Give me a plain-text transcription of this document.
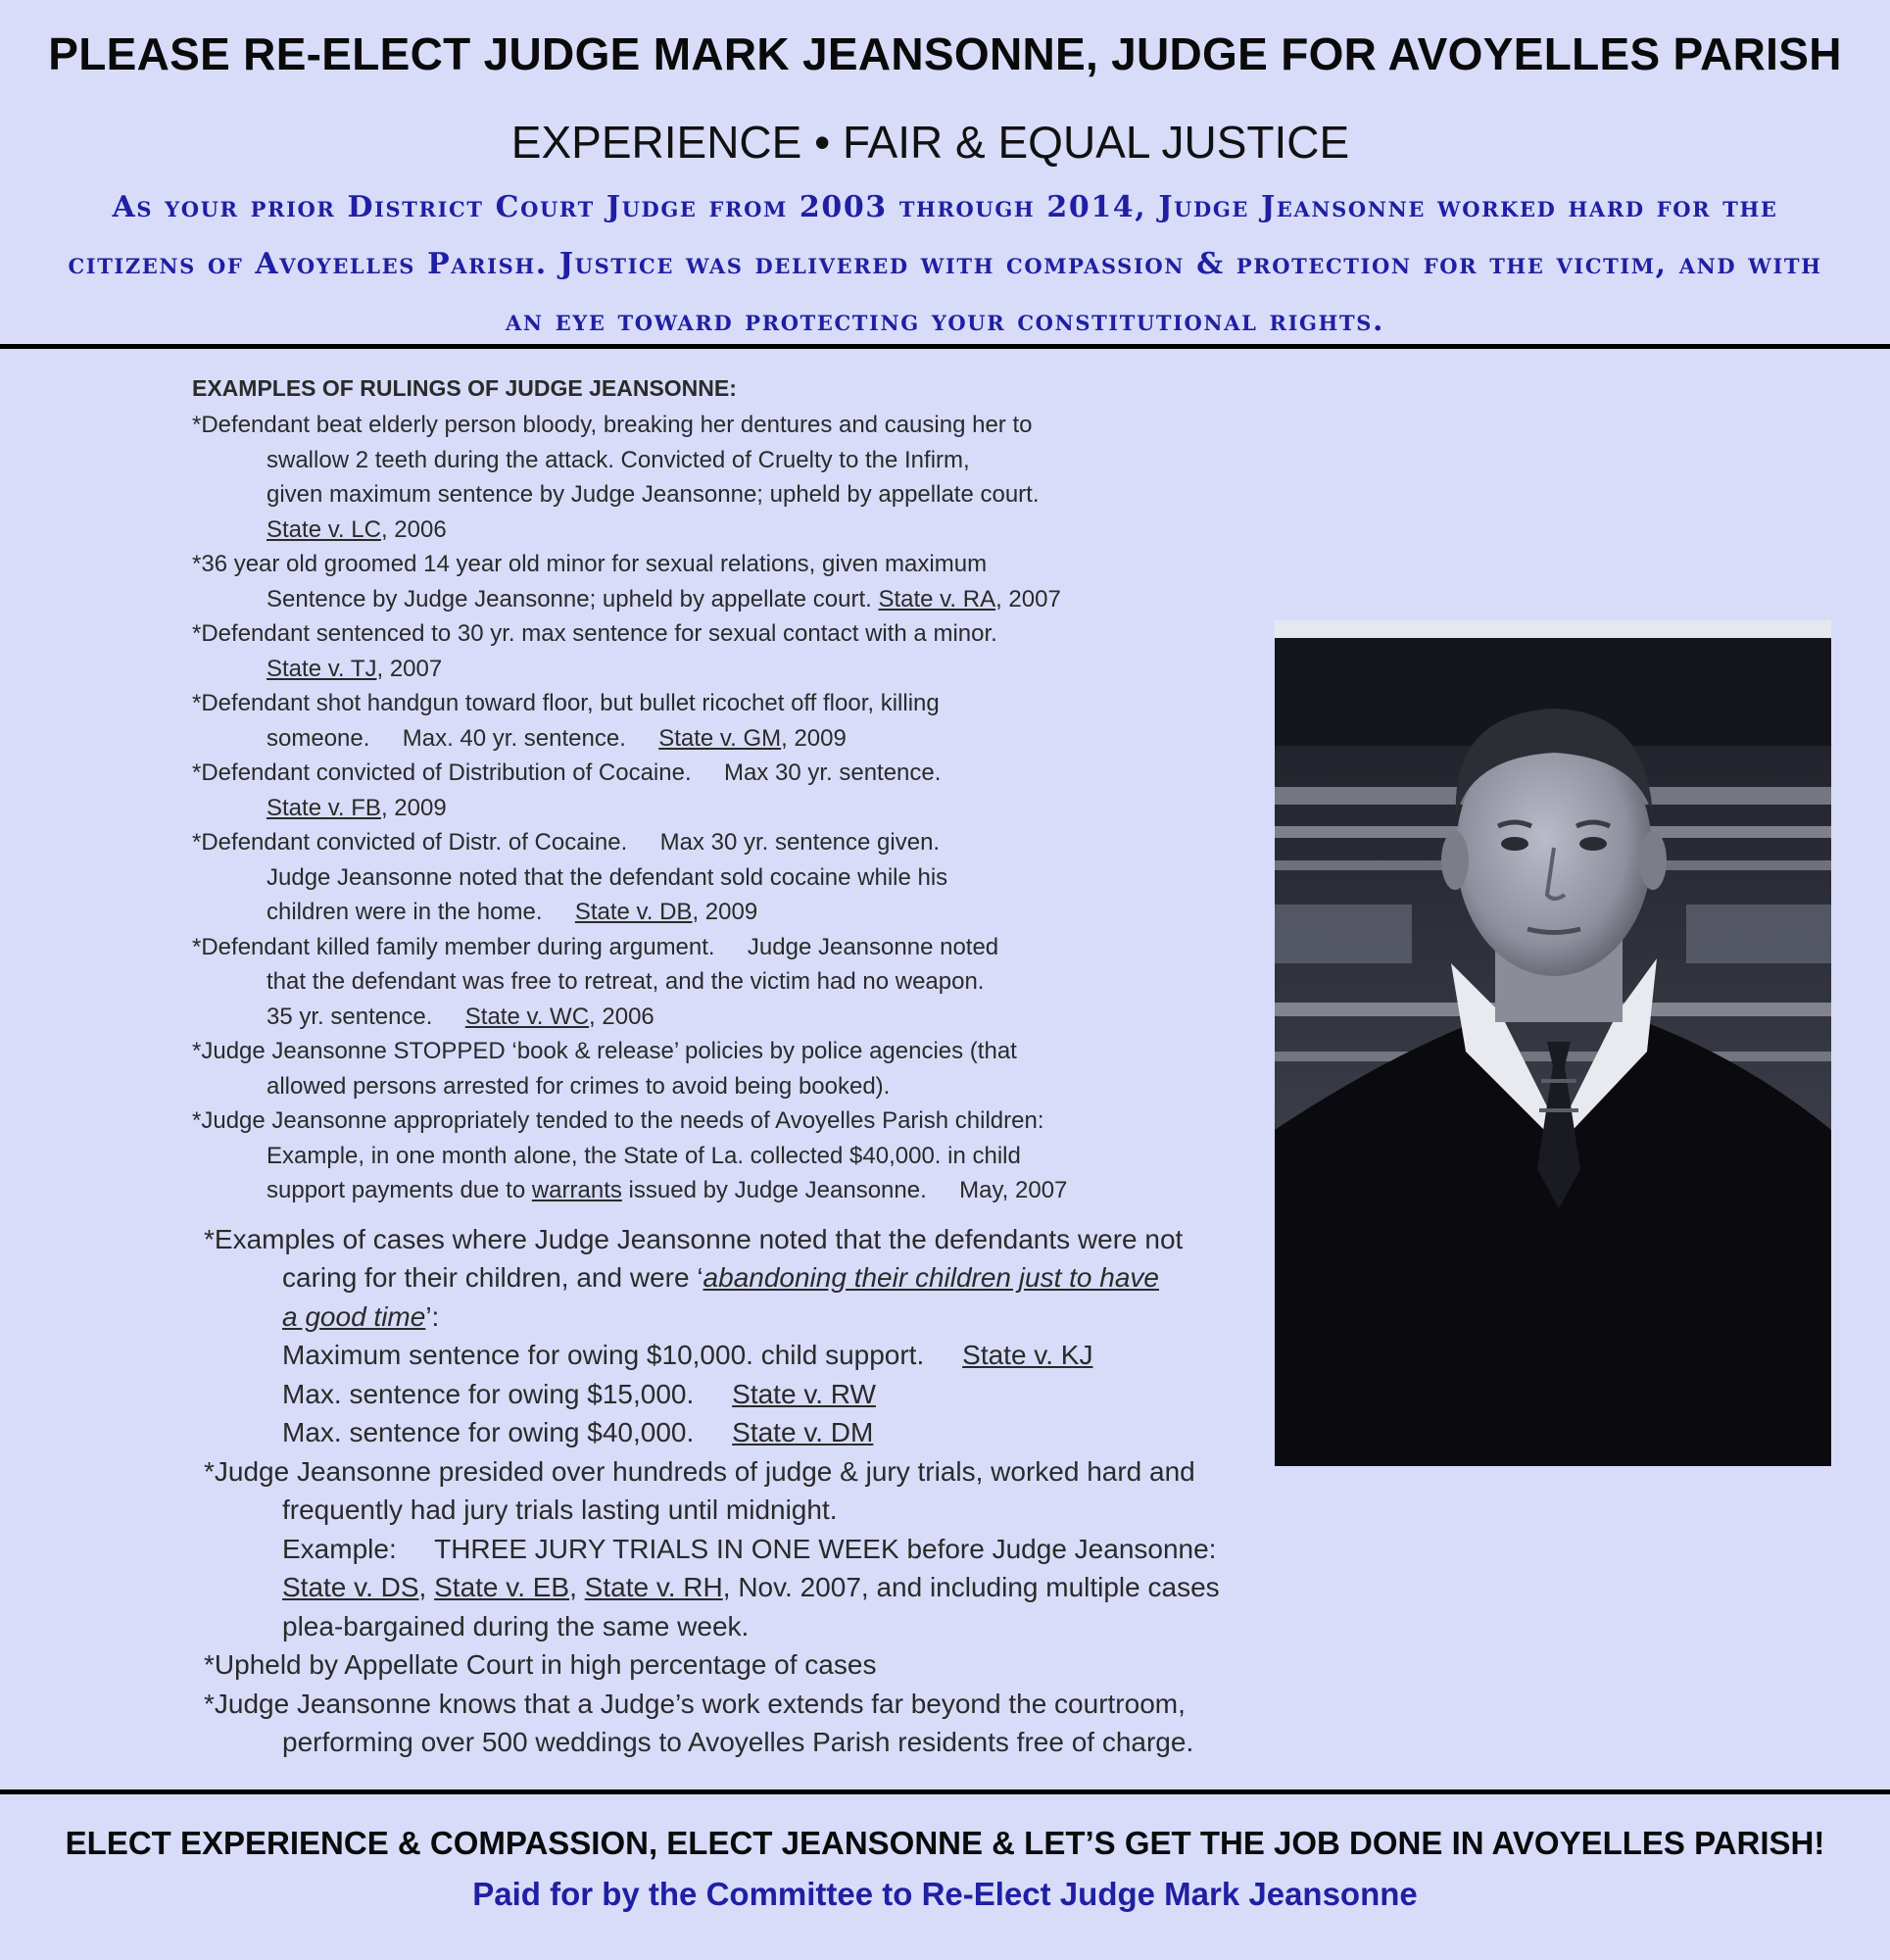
PLEASE RE-ELECT JUDGE MARK JEANSONNE, JUDGE FOR AVOYELLES PARISH
EXPERIENCE • FAIR & EQUAL JUSTICE
As your prior District Court Judge from 2003 through 2014, Judge Jeansonne worked hard for the
citizens of Avoyelles Parish. Justice was delivered with compassion & protection for the victim, and with
an eye toward protecting your constitutional rights.
EXAMPLES OF RULINGS OF JUDGE JEANSONNE:
*Defendant beat elderly person bloody, breaking her dentures and causing her to
swallow 2 teeth during the attack. Convicted of Cruelty to the Infirm,
given maximum sentence by Judge Jeansonne; upheld by appellate court.
State v. LC, 2006
*36 year old groomed 14 year old minor for sexual relations, given maximum
Sentence by Judge Jeansonne; upheld by appellate court. State v. RA, 2007
*Defendant sentenced to 30 yr. max sentence for sexual contact with a minor.
State v. TJ, 2007
*Defendant shot handgun toward floor, but bullet ricochet off floor, killing
someone.     Max. 40 yr. sentence.     State v. GM, 2009
*Defendant convicted of Distribution of Cocaine.     Max 30 yr. sentence.
State v. FB, 2009
*Defendant convicted of Distr. of Cocaine.     Max 30 yr. sentence given.
Judge Jeansonne noted that the defendant sold cocaine while his
children were in the home.     State v. DB, 2009
*Defendant killed family member during argument.     Judge Jeansonne noted
that the defendant was free to retreat, and the victim had no weapon.
35 yr. sentence.     State v. WC, 2006
*Judge Jeansonne STOPPED ‘book & release’ policies by police agencies (that
allowed persons arrested for crimes to avoid being booked).
*Judge Jeansonne appropriately tended to the needs of Avoyelles Parish children:
Example, in one month alone, the State of La. collected $40,000. in child
support payments due to warrants issued by Judge Jeansonne.     May, 2007
*Examples of cases where Judge Jeansonne noted that the defendants were not
caring for their children, and were ‘abandoning their children just to have
a good time’:
Maximum sentence for owing $10,000. child support.     State v. KJ
Max. sentence for owing $15,000.     State v. RW
Max. sentence for owing $40,000.     State v. DM
*Judge Jeansonne presided over hundreds of judge & jury trials, worked hard and
frequently had jury trials lasting until midnight.
Example:     THREE JURY TRIALS IN ONE WEEK before Judge Jeansonne:
State v. DS, State v. EB, State v. RH, Nov. 2007, and including multiple cases
plea-bargained during the same week.
*Upheld by Appellate Court in high percentage of cases
*Judge Jeansonne knows that a Judge’s work extends far beyond the courtroom,
performing over 500 weddings to Avoyelles Parish residents free of charge.
ELECT EXPERIENCE & COMPASSION, ELECT JEANSONNE & LET’S GET THE JOB DONE IN AVOYELLES PARISH!
Paid for by the Committee to Re-Elect Judge Mark Jeansonne
